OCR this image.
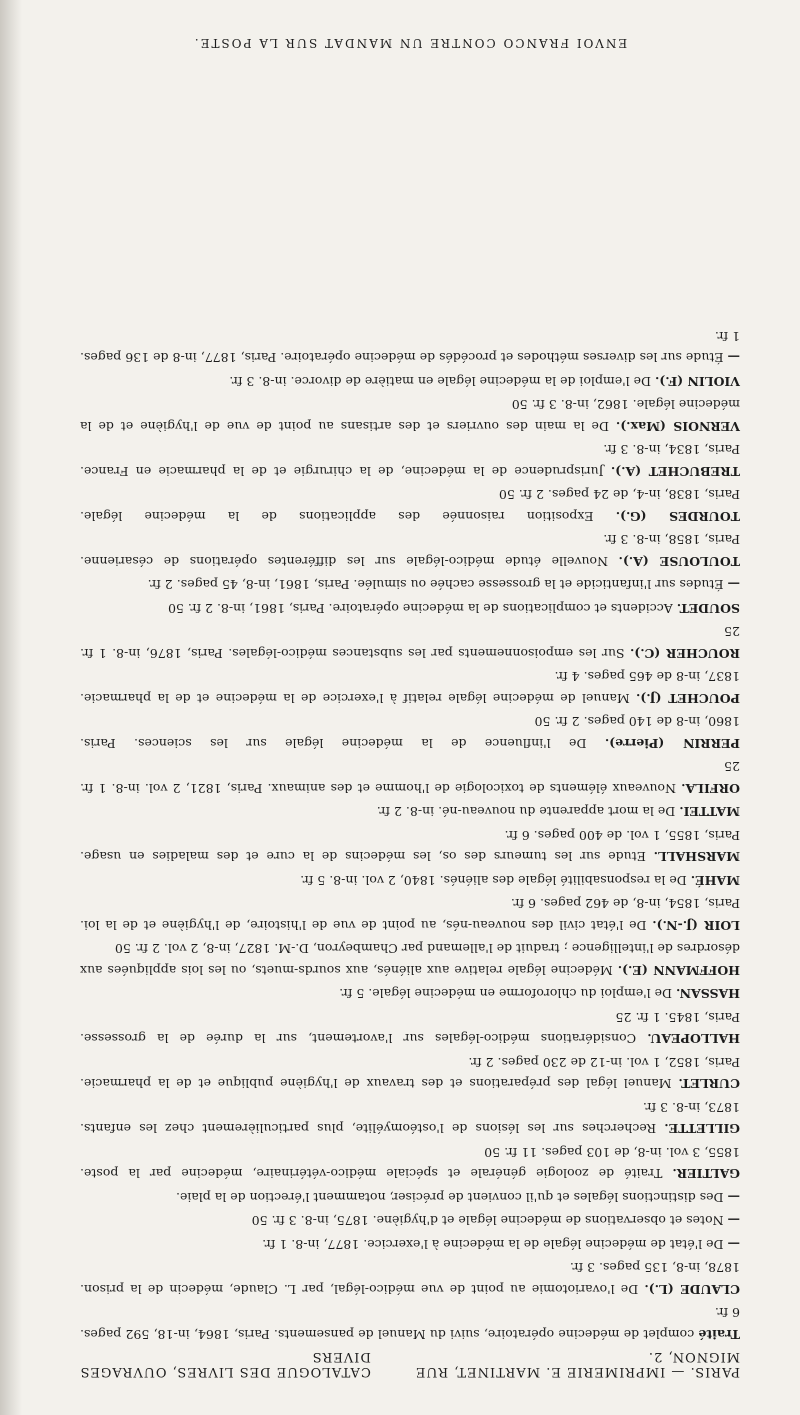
PARIS. — IMPRIMERIE E. MARTINET, RUE MIGNON, 2.
CATALOGUE DES LIVRES, OUVRAGES DIVERS

Traité complet de médecine opératoire, suivi du Manuel de pansements. Paris, 1864, in-18, 592 pages. 6 fr.

CLAUDE (L.). De l'ovariotomie au point de vue médico-légal, par L. Claude, médecin de la prison. 1878, in-8, 135 pages. 3 fr.

— De l'état de médecine légale de la médecine à l'exercice. 1877, in-8. 1 fr.

— Notes et observations de médecine légale et d'hygiène. 1875, in-8. 3 fr. 50

— Des distinctions légales et qu'il convient de préciser, notamment l'érection de la plaie.

GALTIER. Traité de zoologie générale et spéciale médico-vétérinaire, médecine par la poste. 1855, 3 vol. in-8, de 103 pages. 11 fr. 50

GILLETTE. Recherches sur les lésions de l'ostéomyélite, plus particulièrement chez les enfants. 1873, in-8. 3 fr.

CURLET. Manuel légal des préparations et des travaux de l'hygiène publique et de la pharmacie. Paris, 1852, 1 vol. in-12 de 230 pages. 2 fr.

HALLOPEAU. Considérations médico-légales sur l'avortement, sur la durée de la grossesse. Paris, 1845. 1 fr. 25

HASSAN. De l'emploi du chloroforme en médecine légale. 5 fr.

HOFFMANN (E.). Médecine légale relative aux aliénés, aux sourds-muets, ou les lois appliquées aux désordres de l'intelligence ; traduit de l'allemand par Chambeyron, D.-M. 1827, in-8, 2 vol. 2 fr. 50

LOIR (J.-N.). De l'état civil des nouveau-nés, au point de vue de l'histoire, de l'hygiène et de la loi. Paris, 1854, in-8, de 462 pages. 6 fr.

MAHÉ. De la responsabilité légale des aliénés. 1840, 2 vol. in-8. 5 fr.

MARSHALL. Etude sur les tumeurs des os, les médecins de la cure et des maladies en usage. Paris, 1855, 1 vol. de 400 pages. 6 fr.

MATTEI. De la mort apparente du nouveau-né. in-8. 2 fr.

ORFILA. Nouveaux éléments de toxicologie de l'homme et des animaux. Paris, 1821, 2 vol. in-8. 1 fr. 25

PERRIN (Pierre). De l'influence de la médecine légale sur les sciences. Paris. 1860, in-8 de 140 pages. 2 fr. 50

POUCHET (J.). Manuel de médecine légale relatif à l'exercice de la médecine et de la pharmacie. 1837, in-8 de 465 pages. 4 fr.

ROUCHER (C.). Sur les empoisonnements par les substances médico-légales. Paris, 1876, in-8. 1 fr. 25

SOUDET. Accidents et complications de la médecine opératoire. Paris, 1861, in-8. 2 fr. 50

— Études sur l'infanticide et la grossesse cachée ou simulée. Paris, 1861, in-8, 45 pages. 2 fr.

TOULOUSE (A.). Nouvelle étude médico-légale sur les différentes opérations de césarienne. Paris, 1858, in-8. 3 fr.

TOURDES (G.). Exposition raisonnée des applications de la médecine légale. Paris, 1838, in-4, de 24 pages. 2 fr. 50

TREBUCHET (A.). Jurisprudence de la médecine, de la chirurgie et de la pharmacie en France. Paris, 1834, in-8. 3 fr.

VERNOIS (Max.). De la main des ouvriers et des artisans au point de vue de l'hygiène et de la médecine légale. 1862, in-8. 3 fr. 50

VIOLIN (F.). De l'emploi de la médecine légale en matière de divorce. in-8. 3 fr.

— Étude sur les diverses méthodes et procédés de médecine opératoire. Paris, 1877, in-8 de 136 pages. 1 fr.

ENVOI FRANCO CONTRE UN MANDAT SUR LA POSTE.
